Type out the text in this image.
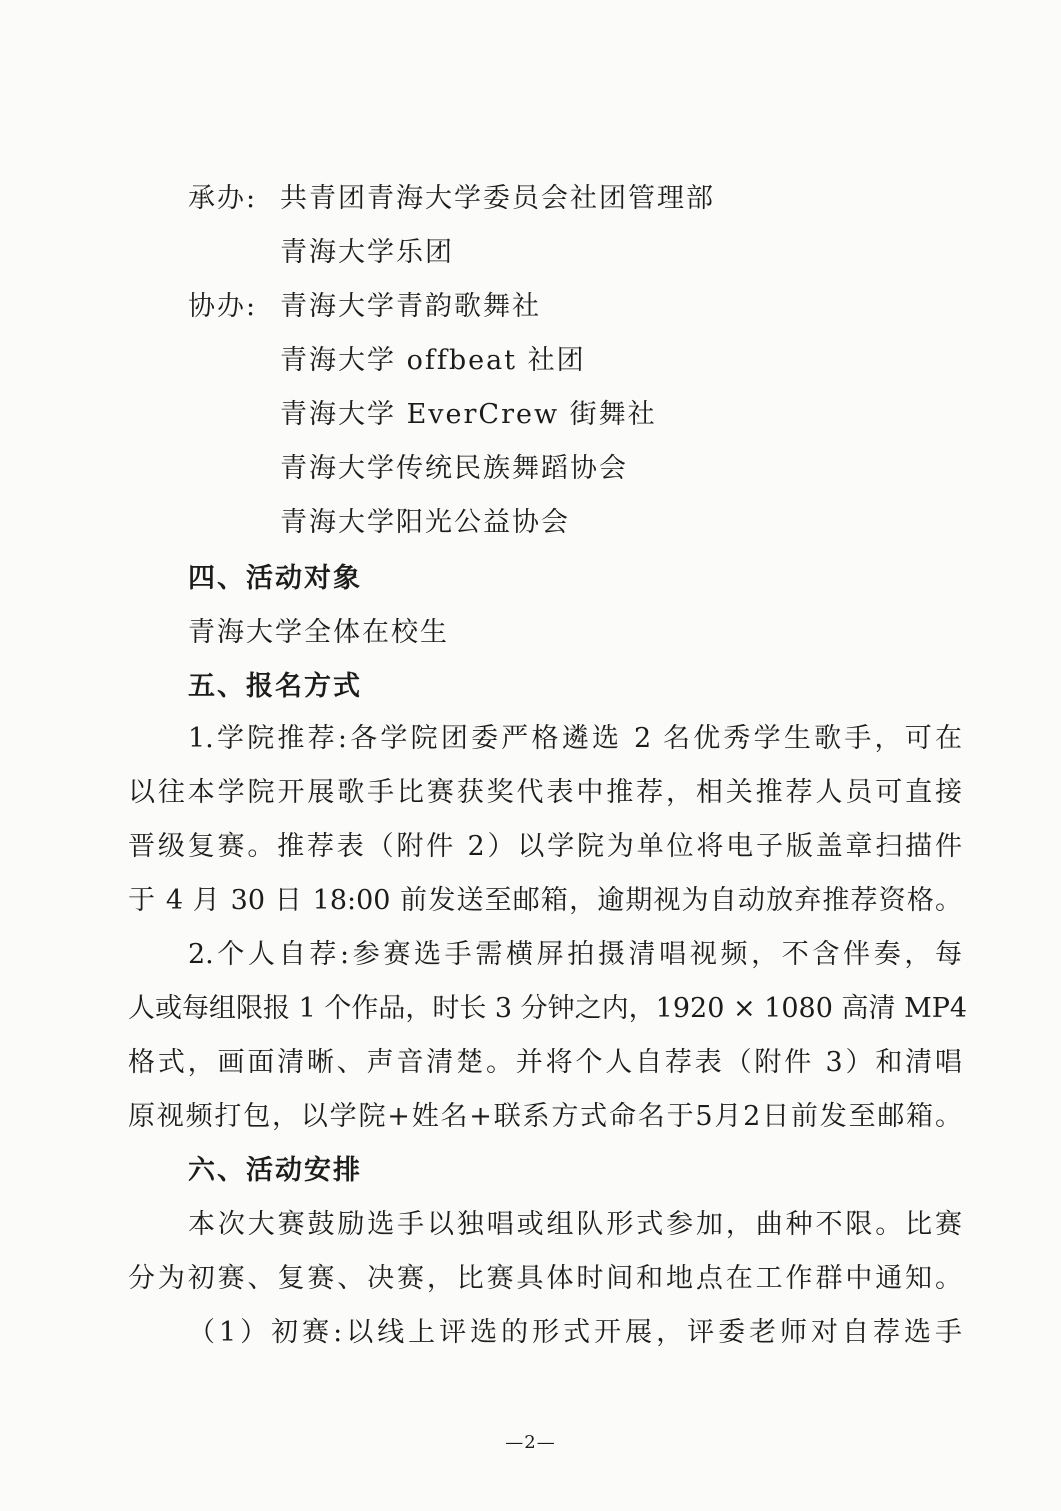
承办: 共青团青海大学委员会社团管理部
青海大学乐团
协办: 青海大学青韵歌舞社
青海大学 offbeat 社团
青海大学 EverCrew 街舞社
青海大学传统民族舞蹈协会
青海大学阳光公益协会
四、活动对象
青海大学全体在校生
五、报名方式
1.学院推荐:各学院团委严格遴选 2 名优秀学生歌手，可在
以往本学院开展歌手比赛获奖代表中推荐，相关推荐人员可直接
晋级复赛。推荐表（附件 2）以学院为单位将电子版盖章扫描件
于 4 月 30 日 18:00 前发送至邮箱，逾期视为自动放弃推荐资格。
2.个人自荐:参赛选手需横屏拍摄清唱视频，不含伴奏，每
人或每组限报 1 个作品，时长 3 分钟之内，1920 × 1080 高清 MP4
格式，画面清晰、声音清楚。并将个人自荐表（附件 3）和清唱
原视频打包，以学院+姓名+联系方式命名于5月2日前发至邮箱。
六、活动安排
本次大赛鼓励选手以独唱或组队形式参加，曲种不限。比赛
分为初赛、复赛、决赛，比赛具体时间和地点在工作群中通知。
（1）初赛:以线上评选的形式开展，评委老师对自荐选手
—2—
